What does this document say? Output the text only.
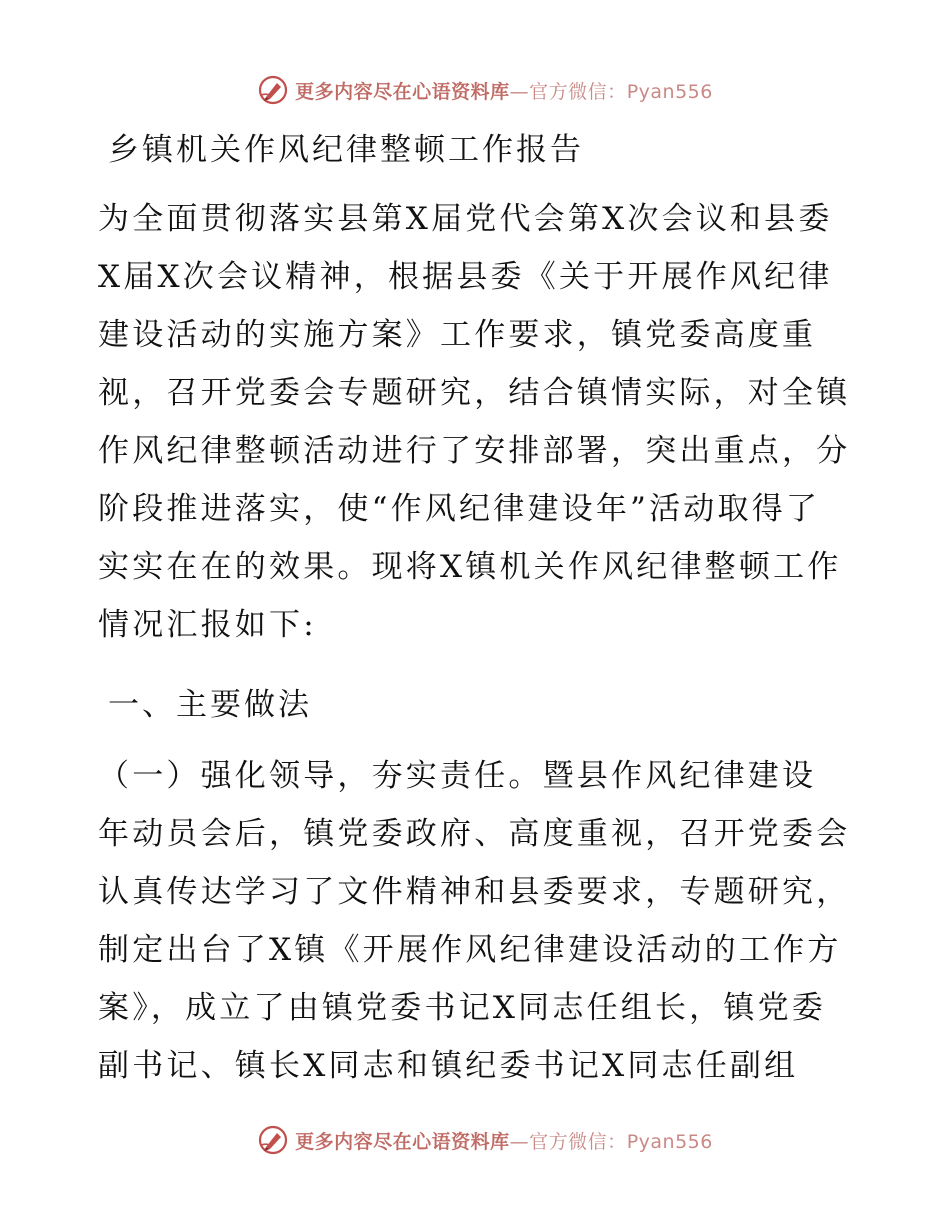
更多内容尽在心语资料库—官方微信：Pyan556
乡镇机关作风纪律整顿工作报告
为全面贯彻落实县第X届党代会第X次会议和县委
X届X次会议精神，根据县委《关于开展作风纪律
建设活动的实施方案》工作要求，镇党委高度重
视，召开党委会专题研究，结合镇情实际，对全镇
作风纪律整顿活动进行了安排部署，突出重点，分
阶段推进落实，使“作风纪律建设年”活动取得了
实实在在的效果。现将X镇机关作风纪律整顿工作
情况汇报如下:
一、主要做法
（一）强化领导，夯实责任。暨县作风纪律建设
年动员会后，镇党委政府、高度重视，召开党委会
认真传达学习了文件精神和县委要求，专题研究，
制定出台了X镇《开展作风纪律建设活动的工作方
案》，成立了由镇党委书记X同志任组长，镇党委
副书记、镇长X同志和镇纪委书记X同志任副组
更多内容尽在心语资料库—官方微信：Pyan556
